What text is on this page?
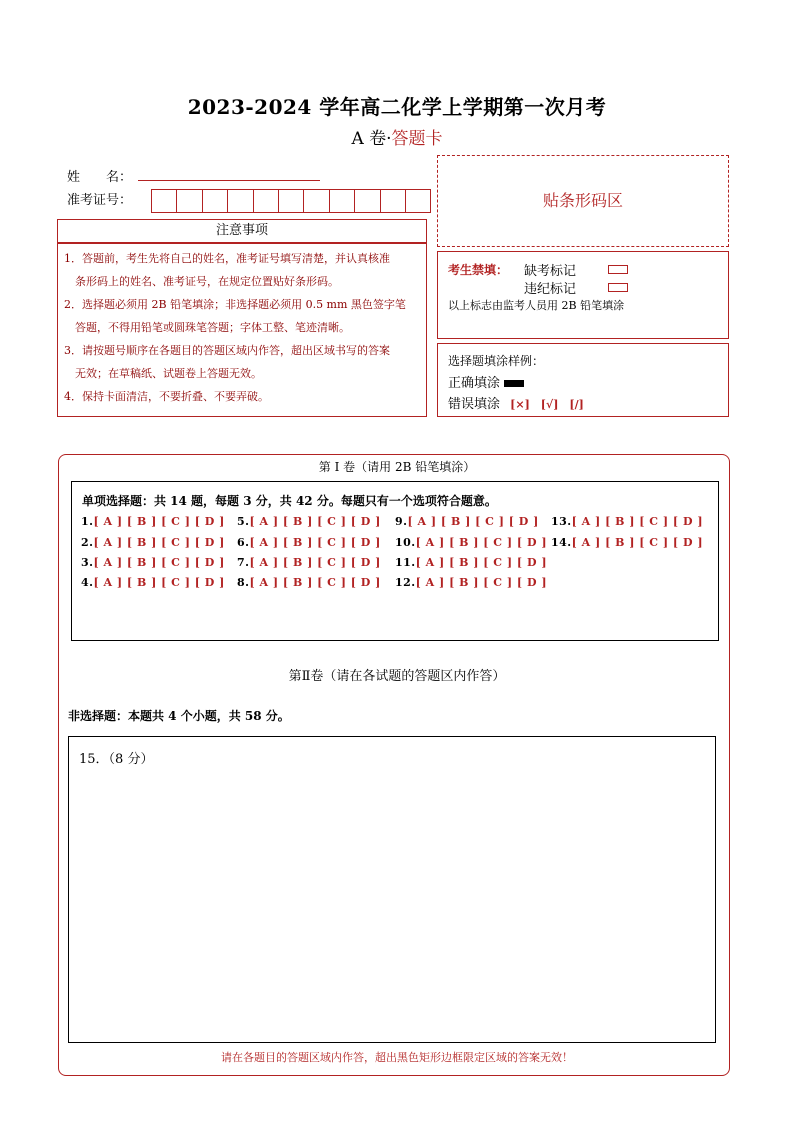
2023-2024 学年高二化学上学期第一次月考
A 卷·答题卡
姓　　名：
准考证号：
注意事项
1．答题前，考生先将自己的姓名，准考证号填写清楚，并认真核准
　条形码上的姓名、准考证号，在规定位置贴好条形码。
2．选择题必须用 2B 铅笔填涂；非选择题必须用 0.5 mm 黑色签字笔
　答题，不得用铅笔或圆珠笔答题；字体工整、笔迹清晰。
3．请按题号顺序在各题目的答题区域内作答，超出区域书写的答案
　无效；在草稿纸、试题卷上答题无效。
4．保持卡面清洁，不要折叠、不要弄破。
贴条形码区
考生禁填： 缺考标记
违纪标记
以上标志由监考人员用 2B 铅笔填涂
选择题填涂样例：
正确填涂
错误填涂 [×]　[√]　[/]
第 I 卷（请用 2B 铅笔填涂）
单项选择题：共 14 题，每题 3 分，共 42 分。每题只有一个选项符合题意。
1.[ A ] [ B ] [ C ] [ D ]
2.[ A ] [ B ] [ C ] [ D ]
3.[ A ] [ B ] [ C ] [ D ]
4.[ A ] [ B ] [ C ] [ D ]
5.[ A ] [ B ] [ C ] [ D ]
6.[ A ] [ B ] [ C ] [ D ]
7.[ A ] [ B ] [ C ] [ D ]
8.[ A ] [ B ] [ C ] [ D ]
9.[ A ] [ B ] [ C ] [ D ]
10.[ A ] [ B ] [ C ] [ D ]
11.[ A ] [ B ] [ C ] [ D ]
12.[ A ] [ B ] [ C ] [ D ]
13.[ A ] [ B ] [ C ] [ D ]
14.[ A ] [ B ] [ C ] [ D ]
第Ⅱ卷（请在各试题的答题区内作答）
非选择题：本题共 4 个小题，共 58 分。
15．（8 分）
请在各题目的答题区域内作答，超出黑色矩形边框限定区域的答案无效！
